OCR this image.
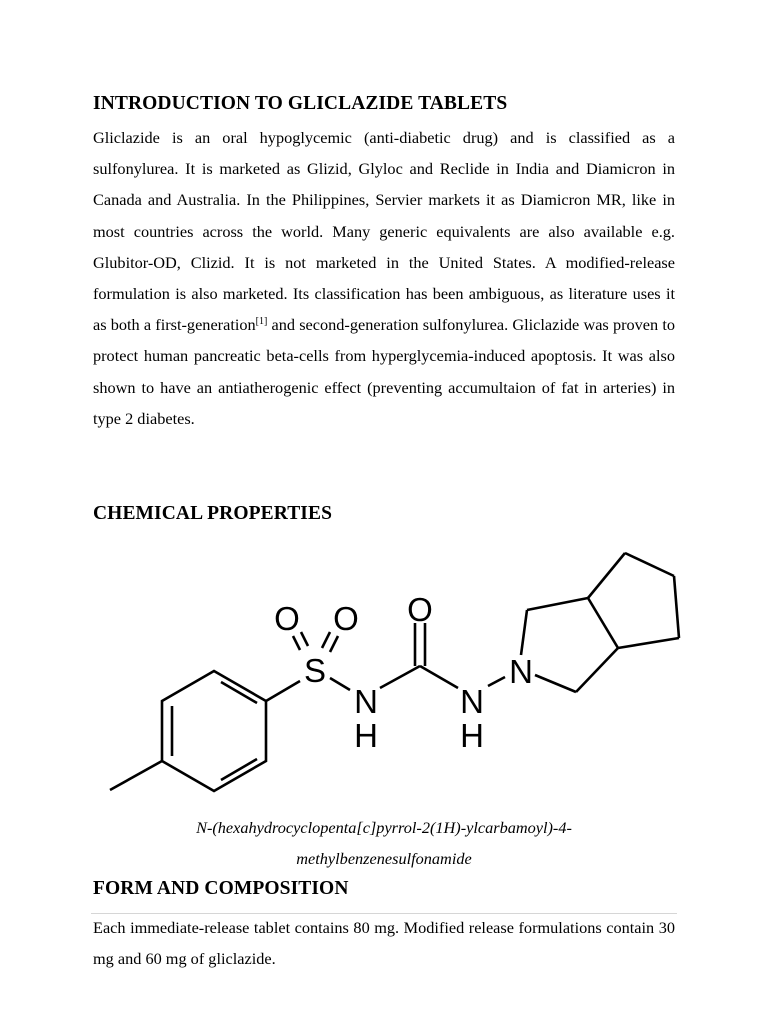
INTRODUCTION TO GLICLAZIDE TABLETS

Gliclazide is an oral hypoglycemic (anti-diabetic drug) and is classified as a sulfonylurea. It is marketed as Glizid, Glyloc and Reclide in India and Diamicron in Canada and Australia. In the Philippines, Servier markets it as Diamicron MR, like in most countries across the world. Many generic equivalents are also available e.g. Glubitor-OD, Clizid. It is not marketed in the United States. A modified-release formulation is also marketed. Its classification has been ambiguous, as literature uses it as both a first-generation[1] and second-generation sulfonylurea. Gliclazide was proven to protect human pancreatic beta-cells from hyperglycemia-induced apoptosis. It was also shown to have an antiatherogenic effect (preventing accumultaion of fat in arteries) in type 2 diabetes.

CHEMICAL PROPERTIES
O O
S
O
N
H
N
H
N

N-(hexahydrocyclopenta[c]pyrrol-2(1H)-ylcarbamoyl)-4-
methylbenzenesulfonamide

FORM AND COMPOSITION

Each immediate-release tablet contains 80 mg. Modified release formulations contain 30 mg and 60 mg of gliclazide.
